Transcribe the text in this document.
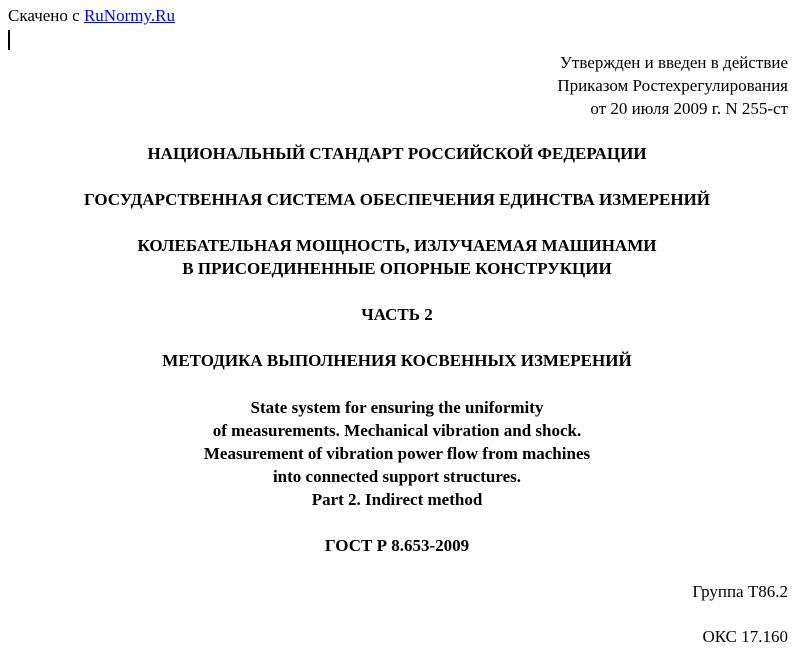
Скачено с RuNormy.Ru
Утвержден и введен в действие
Приказом Ростехрегулирования
от 20 июля 2009 г. N 255-ст
НАЦИОНАЛЬНЫЙ СТАНДАРТ РОССИЙСКОЙ ФЕДЕРАЦИИ
ГОСУДАРСТВЕННАЯ СИСТЕМА ОБЕСПЕЧЕНИЯ ЕДИНСТВА ИЗМЕРЕНИЙ
КОЛЕБАТЕЛЬНАЯ МОЩНОСТЬ, ИЗЛУЧАЕМАЯ МАШИНАМИ
В ПРИСОЕДИНЕННЫЕ ОПОРНЫЕ КОНСТРУКЦИИ
ЧАСТЬ 2
МЕТОДИКА ВЫПОЛНЕНИЯ КОСВЕННЫХ ИЗМЕРЕНИЙ
State system for ensuring the uniformity
of measurements. Mechanical vibration and shock.
Measurement of vibration power flow from machines
into connected support structures.
Part 2. Indirect method
ГОСТ Р 8.653-2009
Группа Т86.2
ОКС 17.160
